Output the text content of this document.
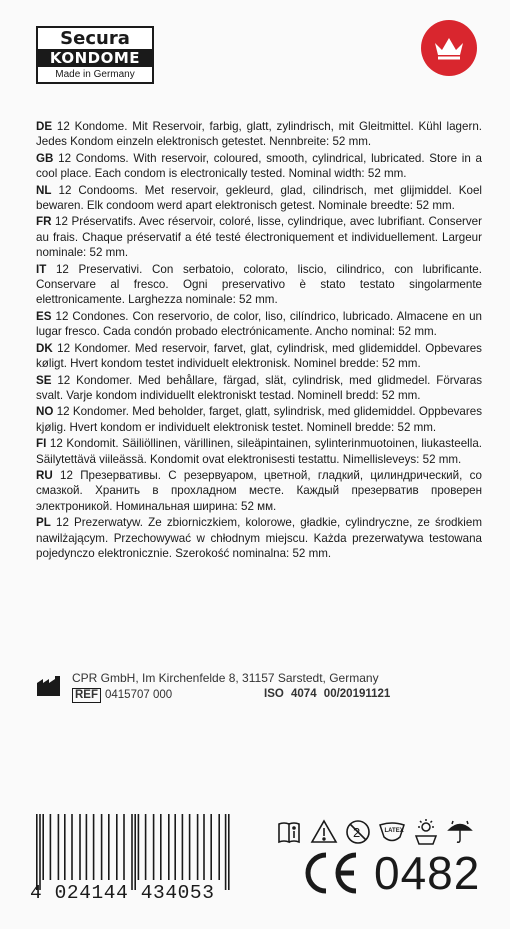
Secura
KONDOME
Made in Germany

DE 12 Kondome. Mit Reservoir, farbig, glatt, zylindrisch, mit Gleitmittel. Kühl lagern. Jedes Kondom einzeln elektronisch getestet. Nennbreite: 52 mm.

GB 12 Condoms. With reservoir, coloured, smooth, cylindrical, lubricated. Store in a cool place. Each condom is electronically tested. Nominal width: 52 mm.

NL 12 Condooms. Met reservoir, gekleurd, glad, cilindrisch, met glijmiddel. Koel bewaren. Elk condoom werd apart elektronisch getest. Nominale breedte: 52 mm.

FR 12 Préservatifs. Avec réservoir, coloré, lisse, cylindrique, avec lubrifiant. Conserver au frais. Chaque préservatif a été testé électroniquement et individuellement. Largeur nominale: 52 mm.

IT 12 Preservativi. Con serbatoio, colorato, liscio, cilindrico, con lubrificante. Conservare al fresco. Ogni preservativo è stato testato singolarmente elettronicamente. Larghezza nominale: 52 mm.

ES 12 Condones. Con reservorio, de color, liso, cilíndrico, lubricado. Almacene en un lugar fresco. Cada condón probado electrónicamente. Ancho nominal: 52 mm.

DK 12 Kondomer. Med reservoir, farvet, glat, cylindrisk, med glidemiddel. Opbevares køligt. Hvert kondom testet individuelt elektronisk. Nominel bredde: 52 mm.

SE 12 Kondomer. Med behållare, färgad, slät, cylindrisk, med glidmedel. Förvaras svalt. Varje kondom individuellt elektroniskt testad. Nominell bredd: 52 mm.

NO 12 Kondomer. Med beholder, farget, glatt, sylindrisk, med glidemiddel. Oppbevares kjølig. Hvert kondom er individuelt elektronisk testet. Nominell bredde: 52 mm.

FI 12 Kondomit. Säiliöllinen, värillinen, sileäpintainen, sylinterinmuotoinen, liukasteella. Säilytettävä viileässä. Kondomit ovat elektronisesti testattu. Nimellisleveys: 52 mm.

RU 12 Презервативы. С резервуаром, цветной, гладкий, цилиндрический, со смазкой. Хранить в прохладном месте. Каждый презерватив проверен электроникой. Номинальная ширина: 52 мм.

PL 12 Prezerwatyw. Ze zbiorniczkiem, kolorowe, gładkie, cylindryczne, ze środkiem nawilżającym. Przechowywać w chłodnym miejscu. Każda prezerwatywa testowana pojedynczo elektronicznie. Szerokość nominalna: 52 mm.

CPR GmbH, Im Kirchenfelde 8, 31157 Sarstedt, Germany
REF 0415707 000	ISO 4074 00/20191121
4 024144 434053
2	LATEX
0482
